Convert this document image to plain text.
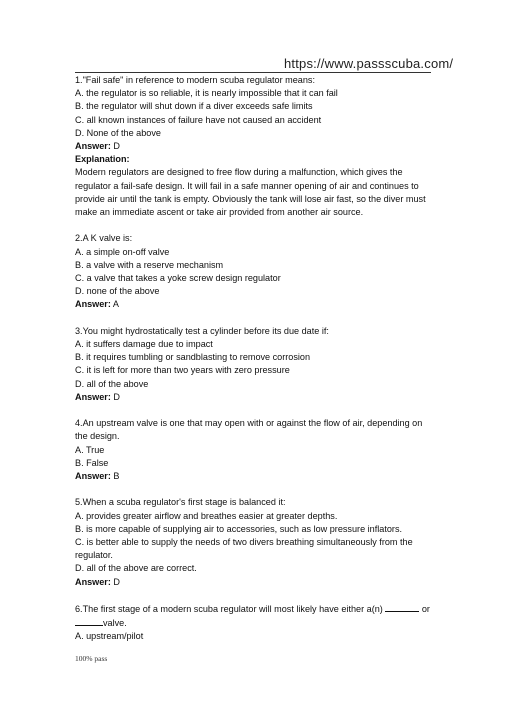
https://www.passscuba.com/
1."Fail safe" in reference to modern scuba regulator means:
A. the regulator is so reliable, it is nearly impossible that it can fail
B. the regulator will shut down if a diver exceeds safe limits
C. all known instances of failure have not caused an accident
D. None of the above
Answer: D
Explanation:
Modern regulators are designed to free flow during a malfunction, which gives the
regulator a fail-safe design. It will fail in a safe manner opening of air and continues to
provide air until the tank is empty. Obviously the tank will lose air fast, so the diver must
make an immediate ascent or take air provided from another air source.
2.A K valve is:
A. a simple on-off valve
B. a valve with a reserve mechanism
C. a valve that takes a yoke screw design regulator
D. none of the above
Answer: A
3.You might hydrostatically test a cylinder before its due date if:
A. it suffers damage due to impact
B. it requires tumbling or sandblasting to remove corrosion
C. it is left for more than two years with zero pressure
D. all of the above
Answer: D
4.An upstream valve is one that may open with or against the flow of air, depending on
the design.
A. True
B. False
Answer: B
5.When a scuba regulator's first stage is balanced it:
A. provides greater airflow and breathes easier at greater depths.
B. is more capable of supplying air to accessories, such as low pressure inflators.
C. is better able to supply the needs of two divers breathing simultaneously from the
regulator.
D. all of the above are correct.
Answer: D
6.The first stage of a modern scuba regulator will most likely have either a(n)	or
valve.
A. upstream/pilot
100% pass
